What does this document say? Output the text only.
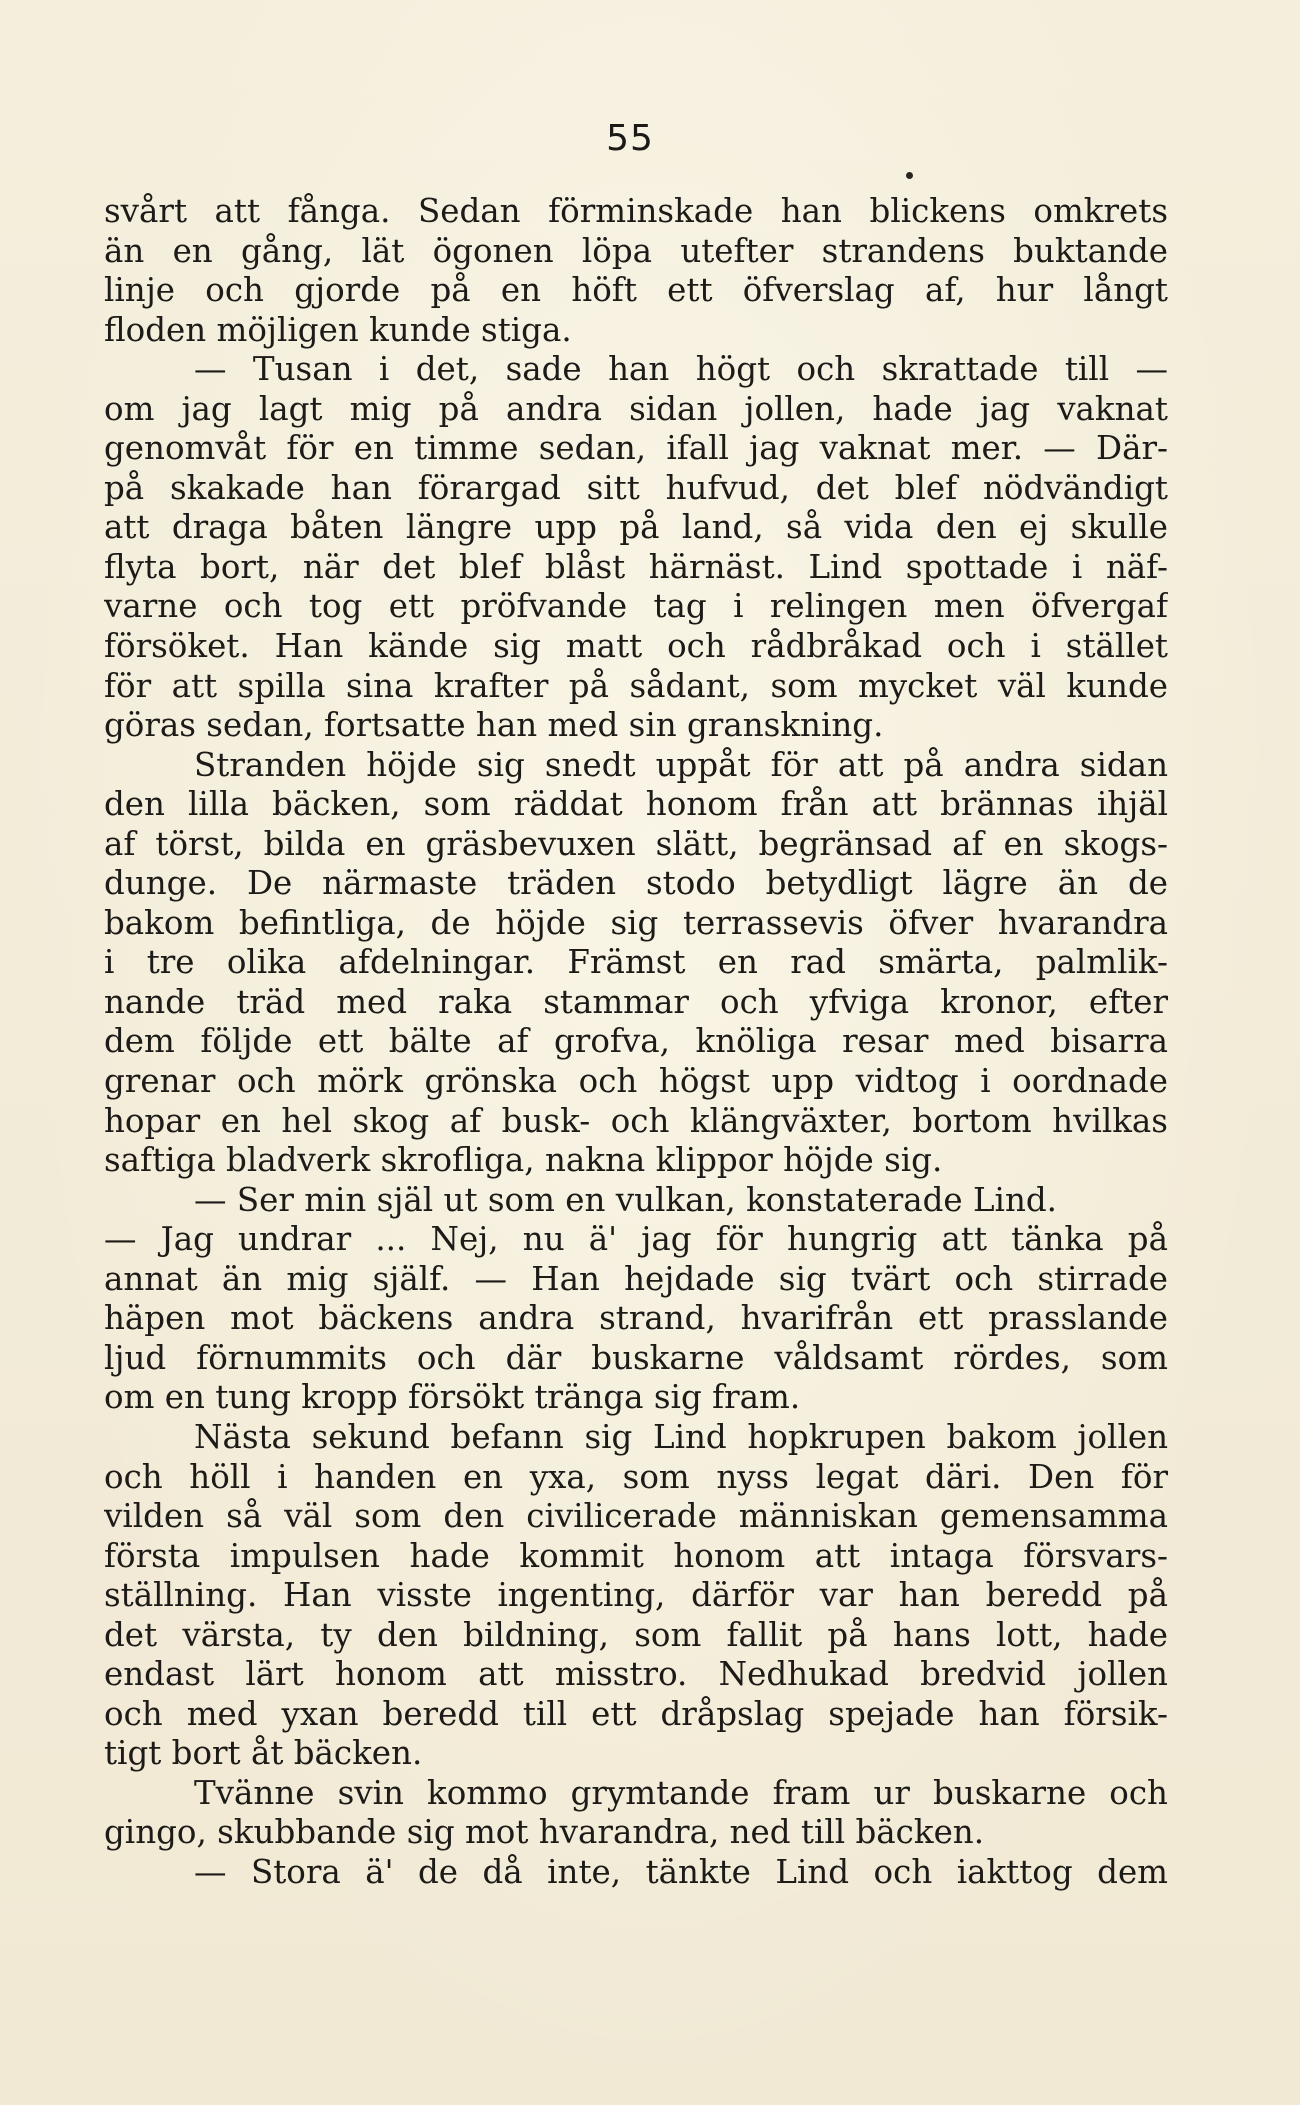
55
svårt att fånga. Sedan förminskade han blickens omkrets
än en gång, lät ögonen löpa utefter strandens buktande
linje och gjorde på en höft ett öfverslag af, hur långt
floden möjligen kunde stiga.
— Tusan i det, sade han högt och skrattade till —
om jag lagt mig på andra sidan jollen, hade jag vaknat
genomvåt för en timme sedan, ifall jag vaknat mer. — Där-
på skakade han förargad sitt hufvud, det blef nödvändigt
att draga båten längre upp på land, så vida den ej skulle
flyta bort, när det blef blåst härnäst. Lind spottade i näf-
varne och tog ett pröfvande tag i relingen men öfvergaf
försöket. Han kände sig matt och rådbråkad och i stället
för att spilla sina krafter på sådant, som mycket väl kunde
göras sedan, fortsatte han med sin granskning.
Stranden höjde sig snedt uppåt för att på andra sidan
den lilla bäcken, som räddat honom från att brännas ihjäl
af törst, bilda en gräsbevuxen slätt, begränsad af en skogs-
dunge. De närmaste träden stodo betydligt lägre än de
bakom befintliga, de höjde sig terrassevis öfver hvarandra
i tre olika afdelningar. Främst en rad smärta, palmlik-
nande träd med raka stammar och yfviga kronor, efter
dem följde ett bälte af grofva, knöliga resar med bisarra
grenar och mörk grönska och högst upp vidtog i oordnade
hopar en hel skog af busk- och klängväxter, bortom hvilkas
saftiga bladverk skrofliga, nakna klippor höjde sig.
— Ser min själ ut som en vulkan, konstaterade Lind.
— Jag undrar ... Nej, nu ä' jag för hungrig att tänka på
annat än mig själf. — Han hejdade sig tvärt och stirrade
häpen mot bäckens andra strand, hvarifrån ett prasslande
ljud förnummits och där buskarne våldsamt rördes, som
om en tung kropp försökt tränga sig fram.
Nästa sekund befann sig Lind hopkrupen bakom jollen
och höll i handen en yxa, som nyss legat däri. Den för
vilden så väl som den civilicerade människan gemensamma
första impulsen hade kommit honom att intaga försvars-
ställning. Han visste ingenting, därför var han beredd på
det värsta, ty den bildning, som fallit på hans lott, hade
endast lärt honom att misstro. Nedhukad bredvid jollen
och med yxan beredd till ett dråpslag spejade han försik-
tigt bort åt bäcken.
Tvänne svin kommo grymtande fram ur buskarne och
gingo, skubbande sig mot hvarandra, ned till bäcken.
— Stora ä' de då inte, tänkte Lind och iakttog dem
